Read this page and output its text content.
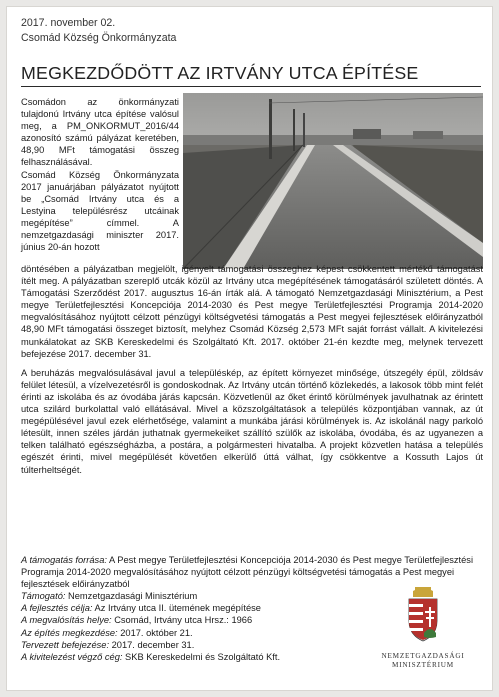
2017. november 02.
Csomád Község Önkormányzata
MEGKEZDŐDÖTT AZ IRTVÁNY UTCA ÉPÍTÉSE

Csomádon az önkormányzati tulajdonú Irtvány utca építése valósul meg, a PM_ONKORMUT_2016/44 azonosító számú pályázat keretében, 48,90 MFt támogatási összeg felhasználásával.

Csomád Község Önkormányzata 2017 januárjában pályázatot nyújtott be „Csomád Irtvány utca és a Lestyina településrész utcáinak megépítése” címmel. A nemzetgazdasági miniszter 2017. június 20-án hozott

döntésében a pályázatban megjelölt, igényelt támogatási összeghez képest csökkentett mértékű támogatást ítélt meg. A pályázatban szereplő utcák közül az Irtvány utca megépítésének támogatásáról született döntés. A Támogatási Szerződést 2017. augusztus 16-án írták alá. A támogató Nemzetgazdasági Minisztérium, a Pest megye Területfejlesztési Koncepciója 2014-2030 és Pest megye Területfejlesztési Programja 2014-2020 megvalósításához nyújtott célzott pénzügyi költségvetési támogatás a Pest megyei fejlesztések előirányzatból 48,90 MFt támogatási összeget biztosít, melyhez Csomád Község 2,573 MFt saját forrást vállalt. A kivitelezési munkálatokat az SKB Kereskedelmi és Szolgáltató Kft. 2017. október 21-én kezdte meg, melynek tervezett befejezése 2017. december 31.

A beruházás megvalósulásával javul a településkép, az épített környezet minősége, útszegély épül, zöldsáv felület létesül, a vízelvezetésről is gondoskodnak. Az Irtvány utcán történő közlekedés, a lakosok több mint felét érinti az iskolába és az óvodába járás kapcsán. Közvetlenül az őket érintő körülmények javulhatnak az érintett utca szilárd burkolattal való ellátásával. Mivel a közszolgáltatások a település központjában vannak, az út megépülésével javul ezek elérhetősége, valamint a munkába járási körülmények is. Az iskolánál nagy parkoló létesült, innen széles járdán juthatnak gyermekeiket szállító szülők az iskolába, óvodába, és az ugyanezen a telken található egészségházba, a postára, a polgármesteri hivatalba. A projekt közvetlen hatása a település egészét érinti, mivel megépülését követően elkerülő úttá válhat, így csökkentve a Kossuth Lajos út túlterheltségét.

A támogatás forrása: A Pest megye Területfejlesztési Koncepciója 2014-2030 és Pest megye Területfejlesztési Programja 2014-2020 megvalósításához nyújtott célzott pénzügyi költségvetési támogatás a Pest megyei fejlesztések előirányzatból
Támogató: Nemzetgazdasági Minisztérium
A fejlesztés célja: Az Irtvány utca II. ütemének megépítése
A megvalósítás helye: Csomád, Irtvány utca Hrsz.: 1966
Az építés megkezdése: 2017. október 21.
Tervezett befejezése: 2017. december 31.
A kivitelezést végző cég: SKB Kereskedelmi és Szolgáltató Kft.	NEMZETGAZDASÁGI
MINISZTÉRIUM
